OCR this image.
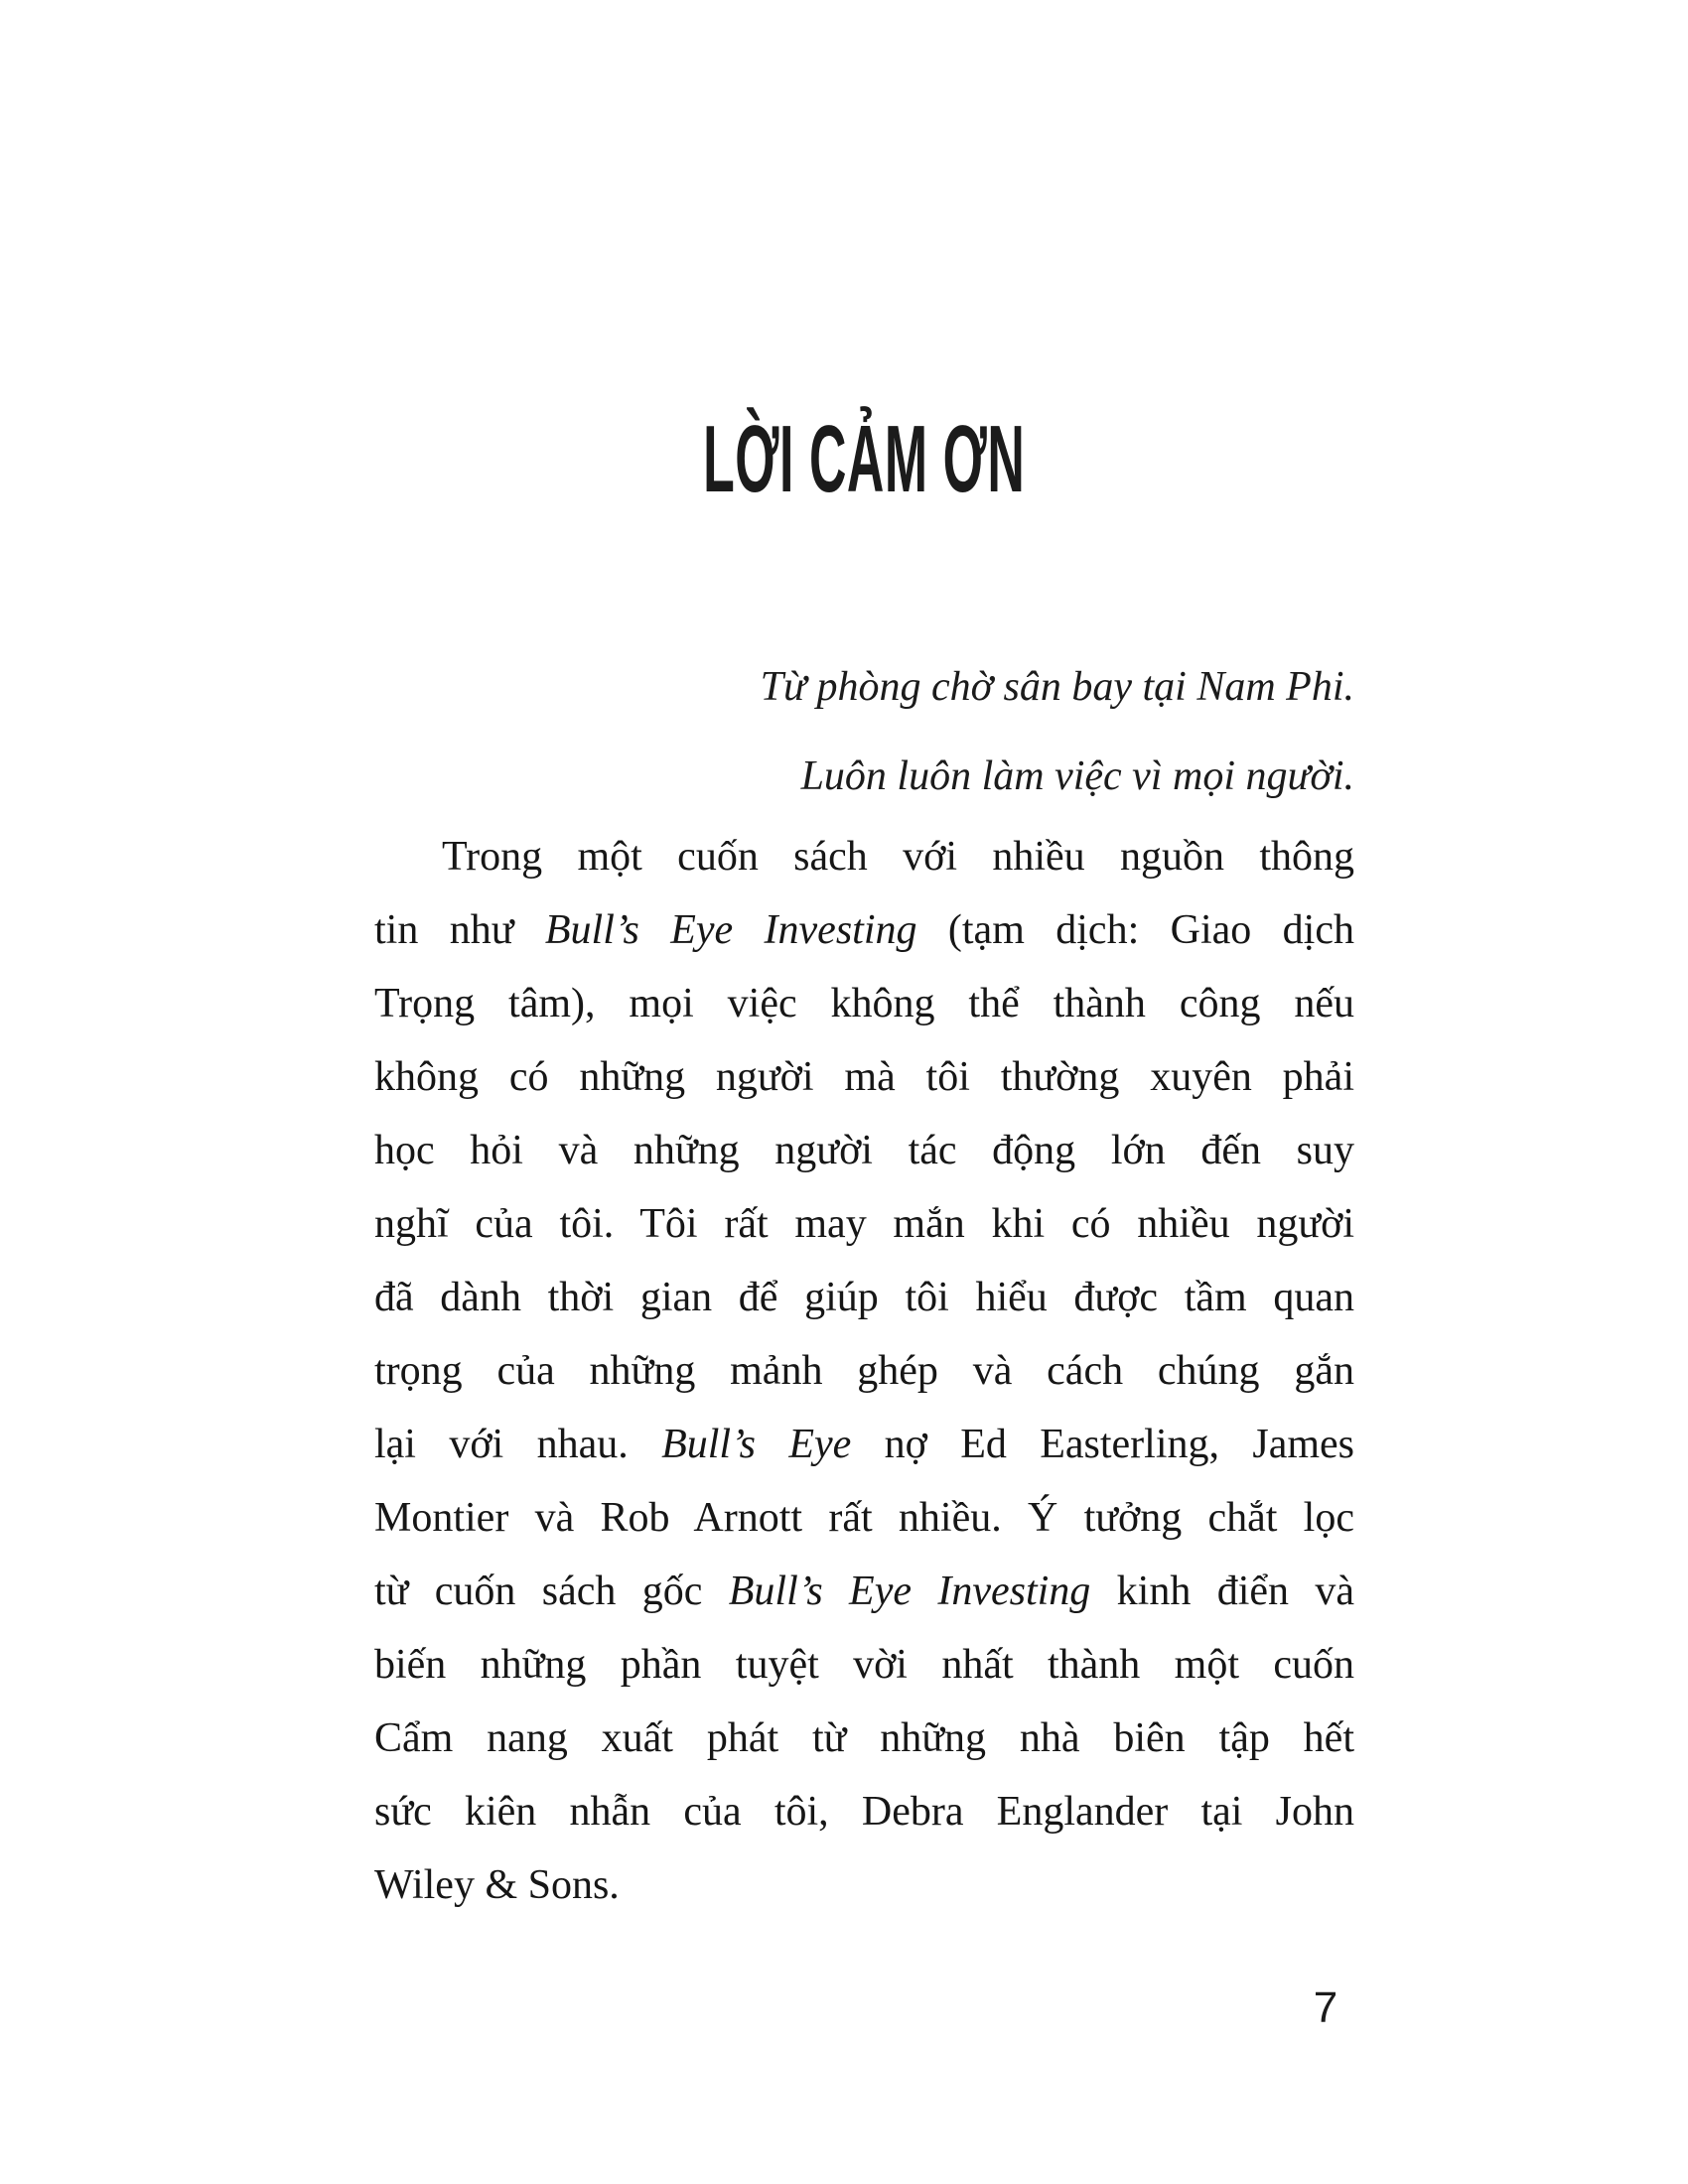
LỜI CẢM ƠN
Từ phòng chờ sân bay tại Nam Phi.
Luôn luôn làm việc vì mọi người.
Trong một cuốn sách với nhiều nguồn thông
tin như Bull’s Eye Investing (tạm dịch: Giao dịch
Trọng tâm), mọi việc không thể thành công nếu
không có những người mà tôi thường xuyên phải
học hỏi và những người tác động lớn đến suy
nghĩ của tôi. Tôi rất may mắn khi có nhiều người
đã dành thời gian để giúp tôi hiểu được tầm quan
trọng của những mảnh ghép và cách chúng gắn
lại với nhau. Bull’s Eye nợ Ed Easterling, James
Montier và Rob Arnott rất nhiều. Ý tưởng chắt lọc
từ cuốn sách gốc Bull’s Eye Investing kinh điển và
biến những phần tuyệt vời nhất thành một cuốn
Cẩm nang xuất phát từ những nhà biên tập hết
sức kiên nhẫn của tôi, Debra Englander tại John
Wiley & Sons.
7
